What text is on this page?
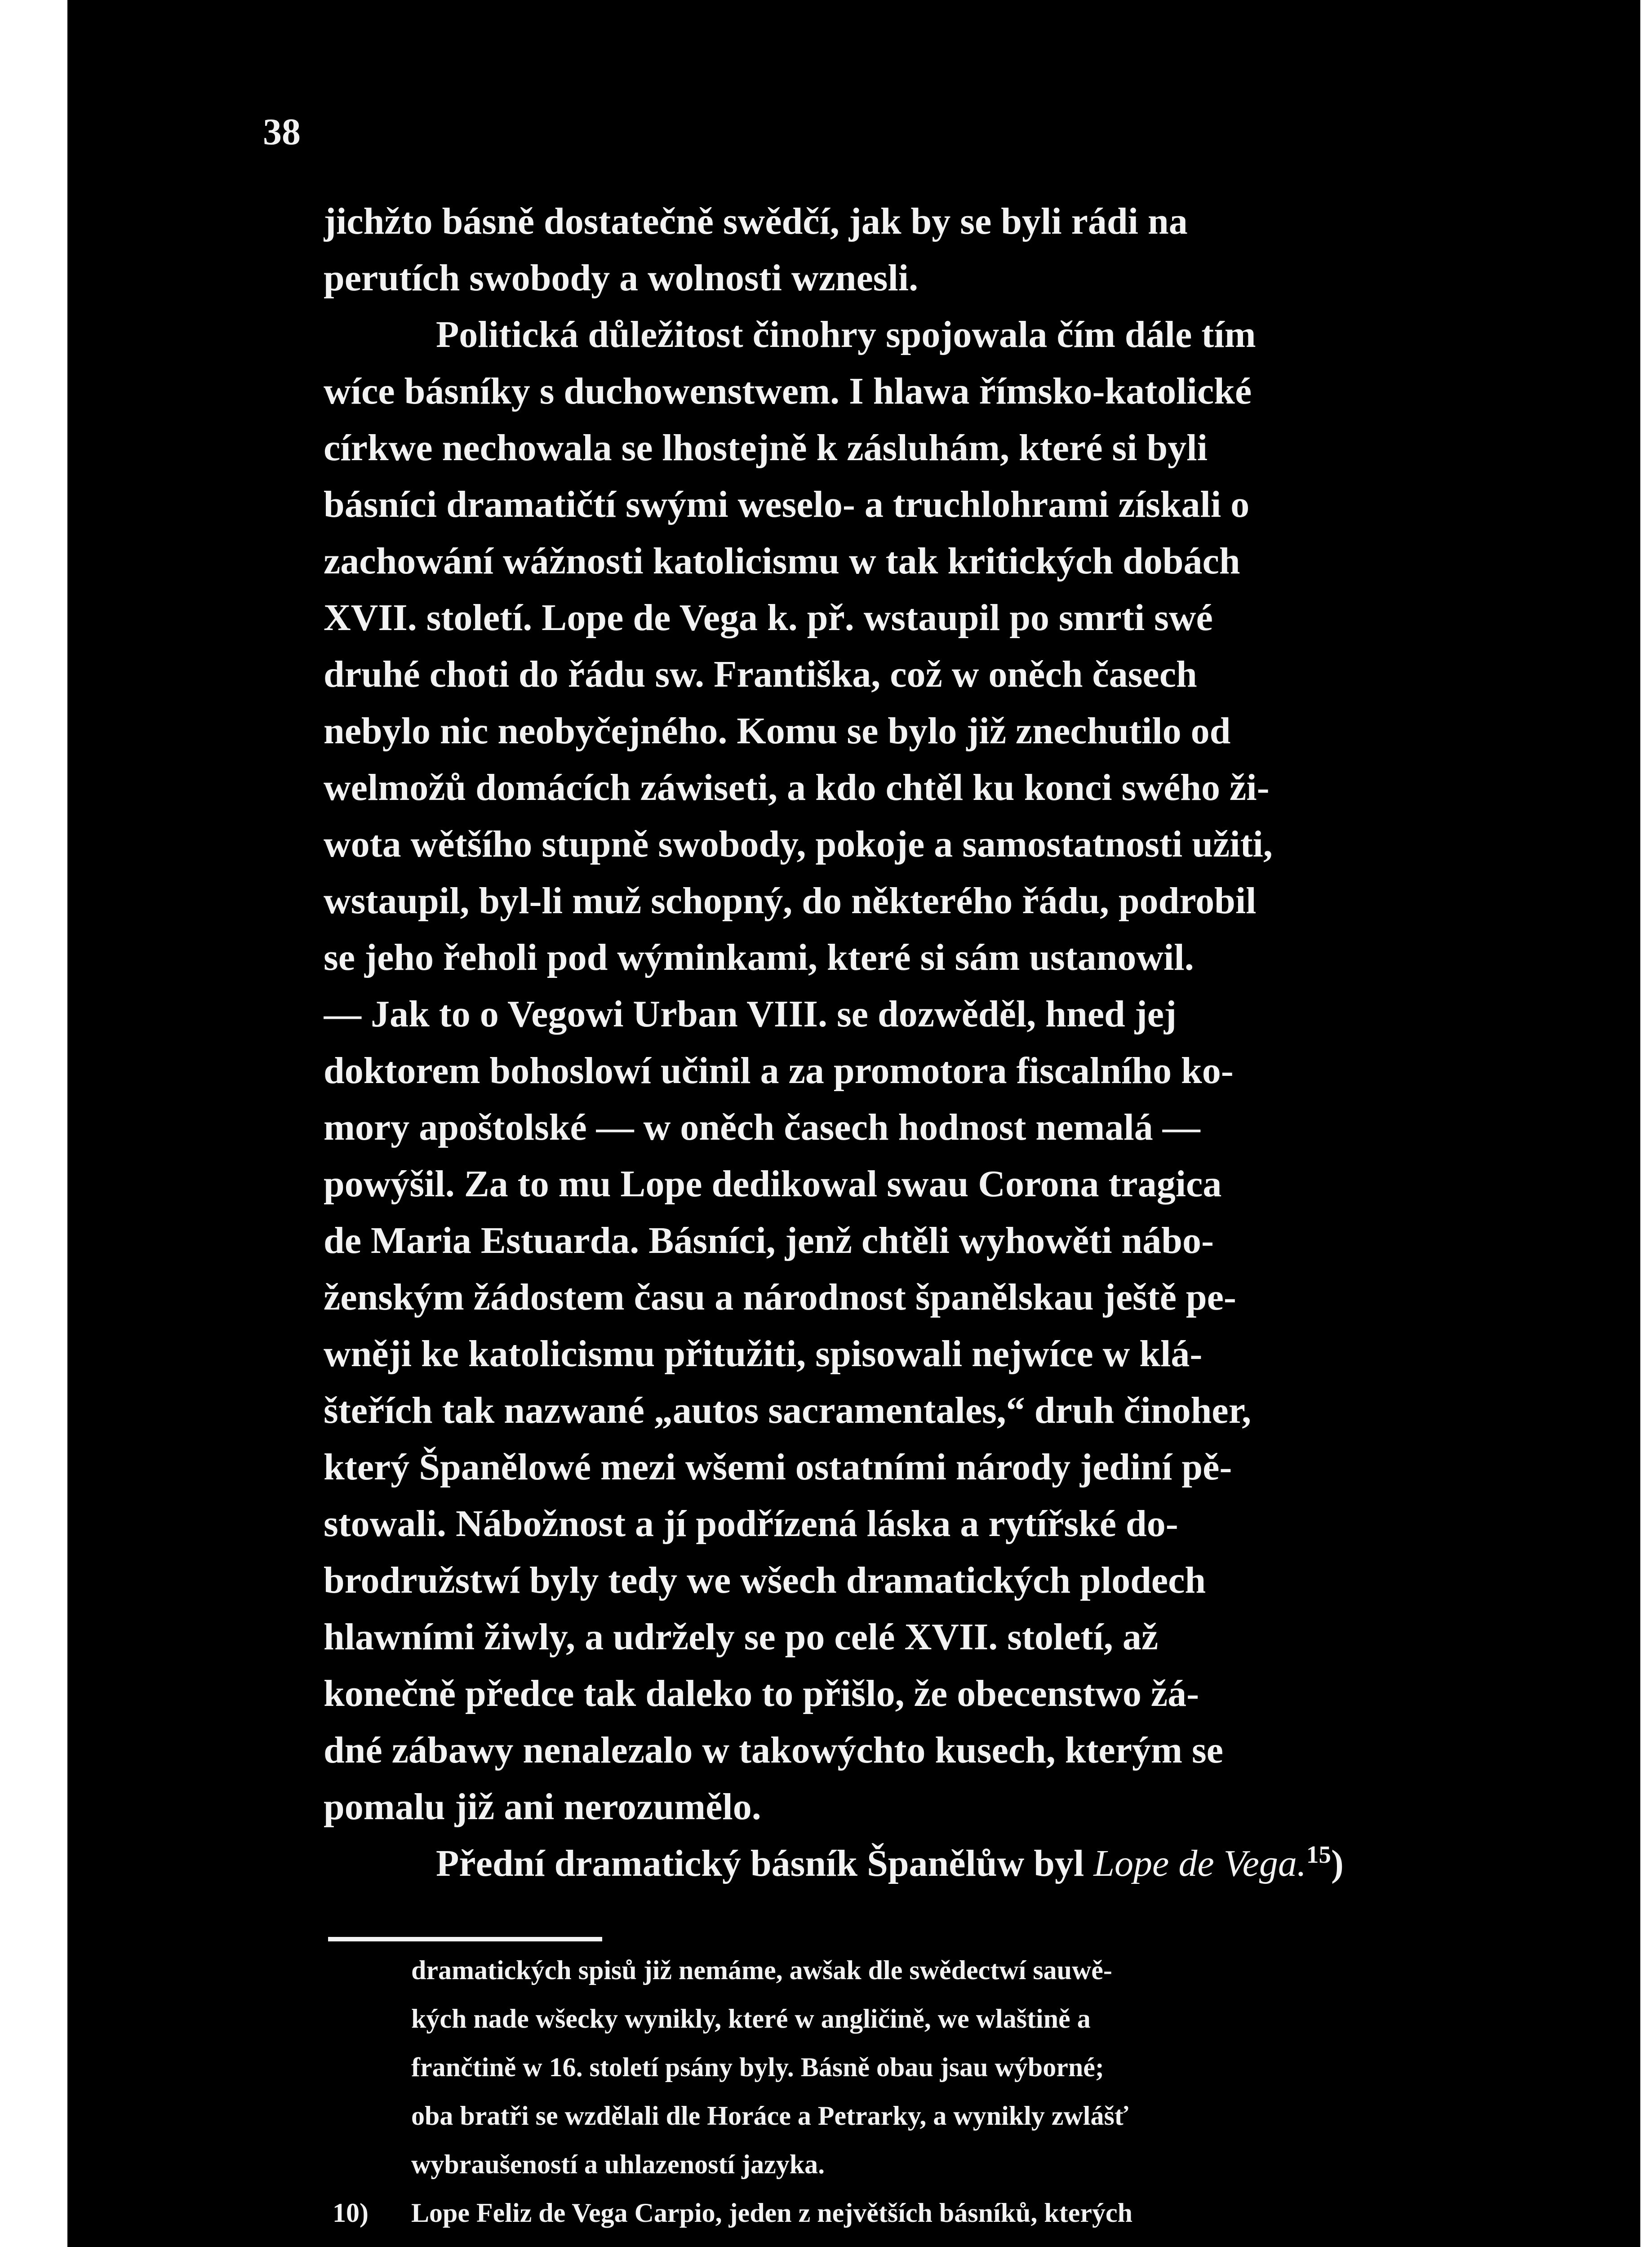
38
jichžto básně dostatečně swědčí, jak by se byli rádi na
perutích swobody a wolnosti wznesli.
Politická důležitost činohry spojowala čím dále tím
wíce básníky s duchowenstwem. I hlawa římsko-katolické
církwe nechowala se lhostejně k zásluhám, které si byli
básníci dramatičtí swými weselo- a truchlohrami získali o
zachowání wážnosti katolicismu w tak kritických dobách
XVII. století. Lope de Vega k. př. wstaupil po smrti swé
druhé choti do řádu sw. Františka, což w oněch časech
nebylo nic neobyčejného. Komu se bylo již znechutilo od
welmožů domácích záwiseti, a kdo chtěl ku konci swého ži-
wota wětšího stupně swobody, pokoje a samostatnosti užiti,
wstaupil, byl-li muž schopný, do některého řádu, podrobil
se jeho řeholi pod wýminkami, které si sám ustanowil.
— Jak to o Vegowi Urban VIII. se dozwěděl, hned jej
doktorem bohoslowí učinil a za promotora fiscalního ko-
mory apoštolské — w oněch časech hodnost nemalá —
powýšil. Za to mu Lope dedikowal swau Corona tragica
de Maria Estuarda. Básníci, jenž chtěli wyhowěti nábo-
ženským žádostem času a národnost španělskau ještě pe-
wněji ke katolicismu přitužiti, spisowali nejwíce w klá-
šteřích tak nazwané „autos sacramentales,“ druh činoher,
který Španělowé mezi wšemi ostatními národy jediní pě-
stowali. Nábožnost a jí podřízená láska a rytířské do-
brodružstwí byly tedy we wšech dramatických plodech
hlawními žiwly, a udržely se po celé XVII. století, až
konečně předce tak daleko to přišlo, že obecenstwo žá-
dné zábawy nenalezalo w takowýchto kusech, kterým se
pomalu již ani nerozumělo.
Přední dramatický básník Španělůw byl Lope de Vega.$^{15}$)
dramatických spisů již nemáme, awšak dle swědectwí sauwě-
kých nade wšecky wynikly, které w angličině, we wlaštině a
frančtině w 16. století psány byly. Básně obau jsau wýborné;
oba bratři se wzdělali dle Horáce a Petrarky, a wynikly zwlášť
wybraušeností a uhlazeností jazyka.
10) Lope Feliz de Vega Carpio, jeden z největších básníků, kterých
